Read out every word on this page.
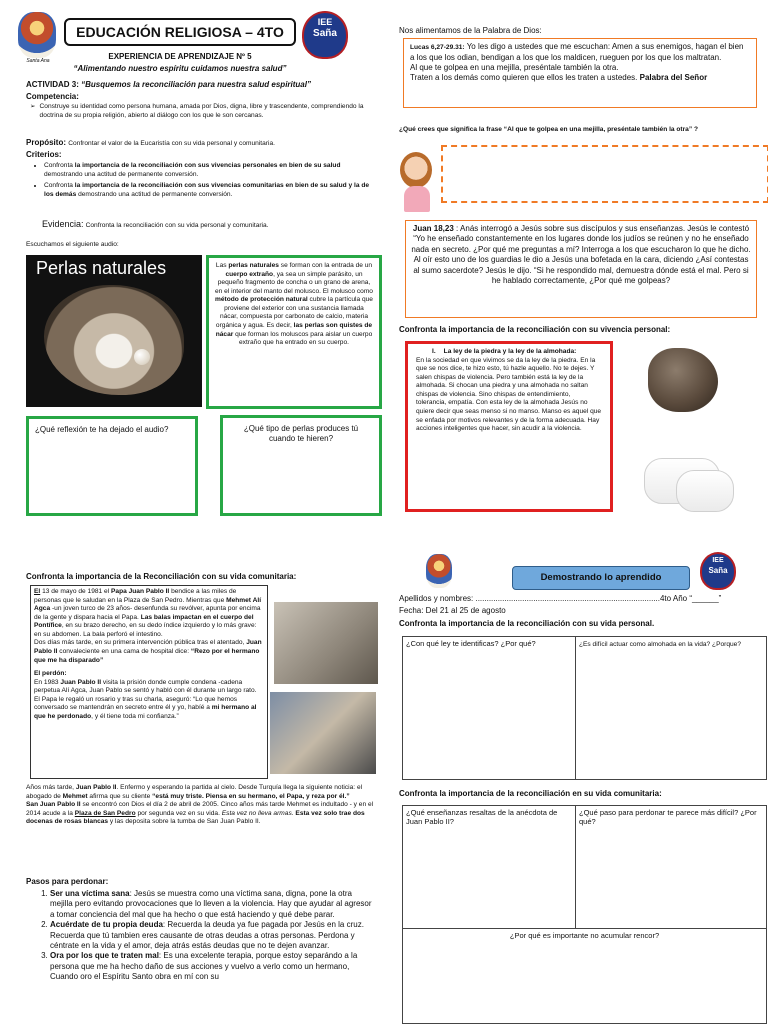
Santa Ana
EDUCACIÓN RELIGIOSA – 4TO
IEE
Saña
EXPERIENCIA DE APRENDIZAJE Nº 5
“Alimentando nuestro espíritu cuidamos nuestra salud”
ACTIVIDAD 3: “Busquemos la reconciliación para nuestra salud espiritual”
Competencia:
➢ Construye su identidad como persona humana, amada por Dios, digna, libre y trascendente, comprendiendo la doctrina de su propia religión, abierto al diálogo con los que le son cercanas.
Propósito: Confrontar el valor de la Eucaristía con su vida personal y comunitaria.
Criterios:
• Confronta la importancia de la reconciliación con sus vivencias personales en bien de su salud demostrando una actitud de permanente conversión.
• Confronta la importancia de la reconciliación con sus vivencias comunitarias en bien de su salud y la de los demás demostrando una actitud de permanente conversión.
Evidencia: Confronta la reconciliación con su vida personal y comunitaria.
Escuchamos el siguiente audio:
Perlas naturales	Las perlas naturales se forman con la entrada de un cuerpo extraño, ya sea un simple parásito, un pequeño fragmento de concha o un grano de arena, en el interior del manto del molusco. El molusco como método de protección natural cubre la partícula que proviene del exterior con una sustancia llamada nácar, compuesta por carbonato de calcio, materia orgánica y agua. Es decir, las perlas son quistes de nácar que forman los moluscos para aislar un cuerpo extraño que ha entrado en su cuerpo.
¿Qué reflexión te ha dejado el audio?	¿Qué tipo de perlas produces tú cuando te hieren?
Nos alimentamos de la Palabra de Dios:
Lucas 6,27-29.31: Yo les digo a ustedes que me escuchan: Amen a sus enemigos, hagan el bien a los que los odian, bendigan a los que los maldicen, rueguen por los que los maltratan.
Al que te golpea en una mejilla, preséntale también la otra.
Traten a los demás como quieren que ellos les traten a ustedes. Palabra del Señor
¿Qué crees que significa la frase “Al que te golpea en una mejilla, preséntale también la otra” ?
Juan 18,23 : Anás interrogó a Jesús sobre sus discípulos y sus enseñanzas. Jesús le contestó “Yo he enseñado constantemente en los lugares donde los judíos se reúnen y no he enseñado nada en secreto. ¿Por qué me preguntas a mí? Interroga a los que escucharon lo que he dicho. Al oír esto uno de los guardias le dio a Jesús una bofetada en la cara, diciendo ¿Así contestas al sumo sacerdote? Jesús le dijo. “Si he respondido mal, demuestra dónde está el mal. Pero si he hablado correctamente, ¿Por qué me golpeas?
Confronta la importancia de la reconciliación con su vivencia personal:
I. La ley de la piedra y la ley de la almohada:
En la sociedad en que vivimos se da la ley de la piedra. En la que se nos dice, te hizo esto, tú hazle aquello. No te dejes. Y salen chispas de violencia. Pero también está la ley de la almohada. Si chocan una piedra y una almohada no saltan chispas de violencia. Sino chispas de entendimiento, tolerancia, empatía. Con esta ley de la almohada Jesús no quiere decir que seas menso si no manso. Manso es aquel que se enfada por motivos relevantes y de la forma adecuada. Hay acciones inteligentes que hacer, sin acudir a la violencia.
Confronta la importancia de la Reconciliación con su vida comunitaria:

El 13 de mayo de 1981 el Papa Juan Pablo II bendice a las miles de personas que le saludan en la Plaza de San Pedro. Mientras que Mehmet Alí Agca -un joven turco de 23 años- desenfunda su revólver, apunta por encima de la gente y dispara hacia el Papa. Las balas impactan en el cuerpo del Pontífice, en su brazo derecho, en su dedo índice izquierdo y lo más grave: en su abdomen. La bala perforó el intestino.

Dos días más tarde, en su primera intervención pública tras el atentado, Juan Pablo II convaleciente en una cama de hospital dice: “Rezo por el hermano que me ha disparado”

El perdón:

En 1983 Juan Pablo II visita la prisión donde cumple condena -cadena perpetua Alí Agca, Juan Pablo se sentó y habló con él durante un largo rato.

El Papa le regaló un rosario y tras su charla, aseguró: “Lo que hemos conversado se mantendrán en secreto entre él y yo, habíé a mi hermano al que he perdonado, y él tiene toda mi confianza.”

Años más tarde, Juan Pablo II. Enfermo y esperando la partida al cielo. Desde Turquía llega la siguiente noticia: el abogado de Mehmet afirma que su cliente “está muy triste. Piensa en su hermano, el Papa, y reza por él.”
San Juan Pablo II se encontró con Dios el día 2 de abril de 2005. Cinco años más tarde Mehmet es indultado - y en el 2014 acude a la Plaza de San Pedro por segunda vez en su vida. Esta vez no lleva armas. Esta vez solo trae dos docenas de rosas blancas y las deposita sobre la tumba de San Juan Pablo II.
Pasos para perdonar:
1. Ser una víctima sana: Jesús se muestra como una víctima sana, digna, pone la otra mejilla pero evitando provocaciones que lo lleven a la violencia. Hay que ayudar al agresor a tomar conciencia del mal que ha hecho o que está haciendo y qué debe parar.
2. Acuérdate de tu propia deuda: Recuerda la deuda ya fue pagada por Jesús en la cruz. Recuerda que tú tambien eres causante de otras deudas a otras personas. Perdona y céntrate en la vida y el amor, deja atrás estás deudas que no te dejen avanzar.
3. Ora por los que te traten mal: Es una excelente terapia, porque estoy separándo a la persona que me ha hecho daño de sus acciones y vuelvo a verlo como un hermano, Cuando oro el Espíritu Santo obra en mí con su
Demostrando lo aprendido
IEE
Saña
Apellidos y nombres: ...................................................................................4to Año “______”
Fecha: Del 21 al 25 de agosto
Confronta la importancia de la reconciliación con su vida personal.
¿Con qué ley te identificas? ¿Por qué?	¿Es difícil actuar como almohada en la vida? ¿Porque?
Confronta la importancia de la reconciliación en su vida comunitaria:
¿Qué enseñanzas resaltas de la anécdota de Juan Pablo II?	¿Qué paso para perdonar te parece más difícil? ¿Por qué?
¿Por qué es importante no acumular rencor?
